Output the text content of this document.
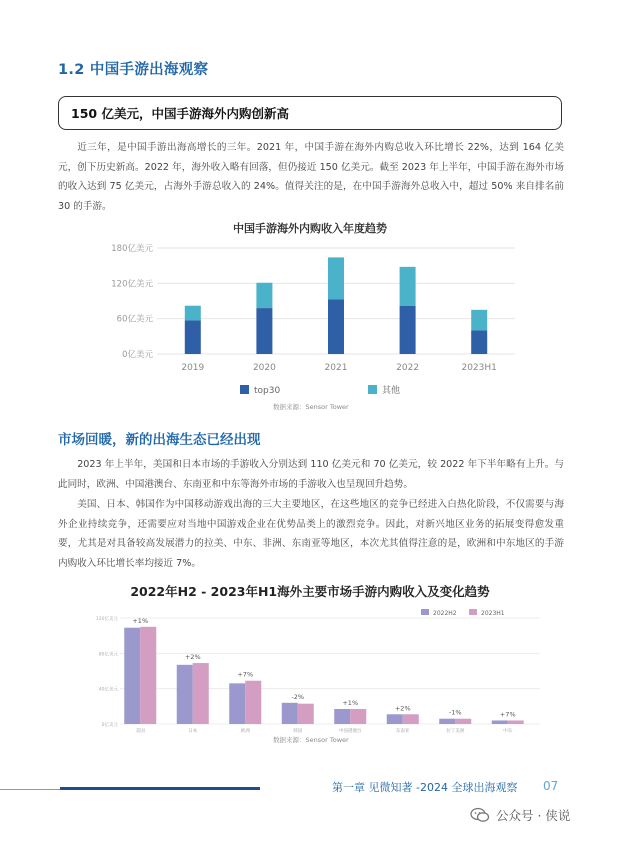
1.2 中国手游出海观察
150 亿美元，中国手游海外内购创新高

近三年，是中国手游出海高增长的三年。2021 年，中国手游在海外内购总收入环比增长 22%，达到 164 亿美元，创下历史新高。2022 年，海外收入略有回落，但仍接近 150 亿美元。截至 2023 年上半年，中国手游在海外市场的收入达到 75 亿美元，占海外手游总收入的 24%。值得关注的是，在中国手游海外总收入中，超过 50% 来自排名前 30 的手游。

中国手游海外内购收入年度趋势
0亿美元
60亿美元
120亿美元
180亿美元
2019	2020	2021	2022	2023H1
top30	其他
数据来源：Sensor Tower
市场回暖，新的出海生态已经出现

2023 年上半年，美国和日本市场的手游收入分别达到 110 亿美元和 70 亿美元，较 2022 年下半年略有上升。与此同时，欧洲、中国港澳台、东南亚和中东等海外市场的手游收入也呈现回升趋势。

美国、日本、韩国作为中国移动游戏出海的三大主要地区，在这些地区的竞争已经进入白热化阶段，不仅需要与海外企业持续竞争，还需要应对当地中国游戏企业在优势品类上的激烈竞争。因此，对新兴地区业务的拓展变得愈发重要，尤其是对具备较高发展潜力的拉美、中东、非洲、东南亚等地区，本次尤其值得注意的是，欧洲和中东地区的手游内购收入环比增长率均接近 7%。

2022年H2 - 2023年H1海外主要市场手游内购收入及变化趋势
0亿美元
40亿美元
80亿美元
120亿美元 +1%
美国
+2%
日本
+7%
欧洲
-2%
韩国
+1%
中国港澳台
+2%
东南亚
-1%
拉丁美洲
+7%
中东
2022H2	2023H1
数据来源：Sensor Tower
第一章 见微知著 -2024 全球出海观察 07
公众号 · 侠说
